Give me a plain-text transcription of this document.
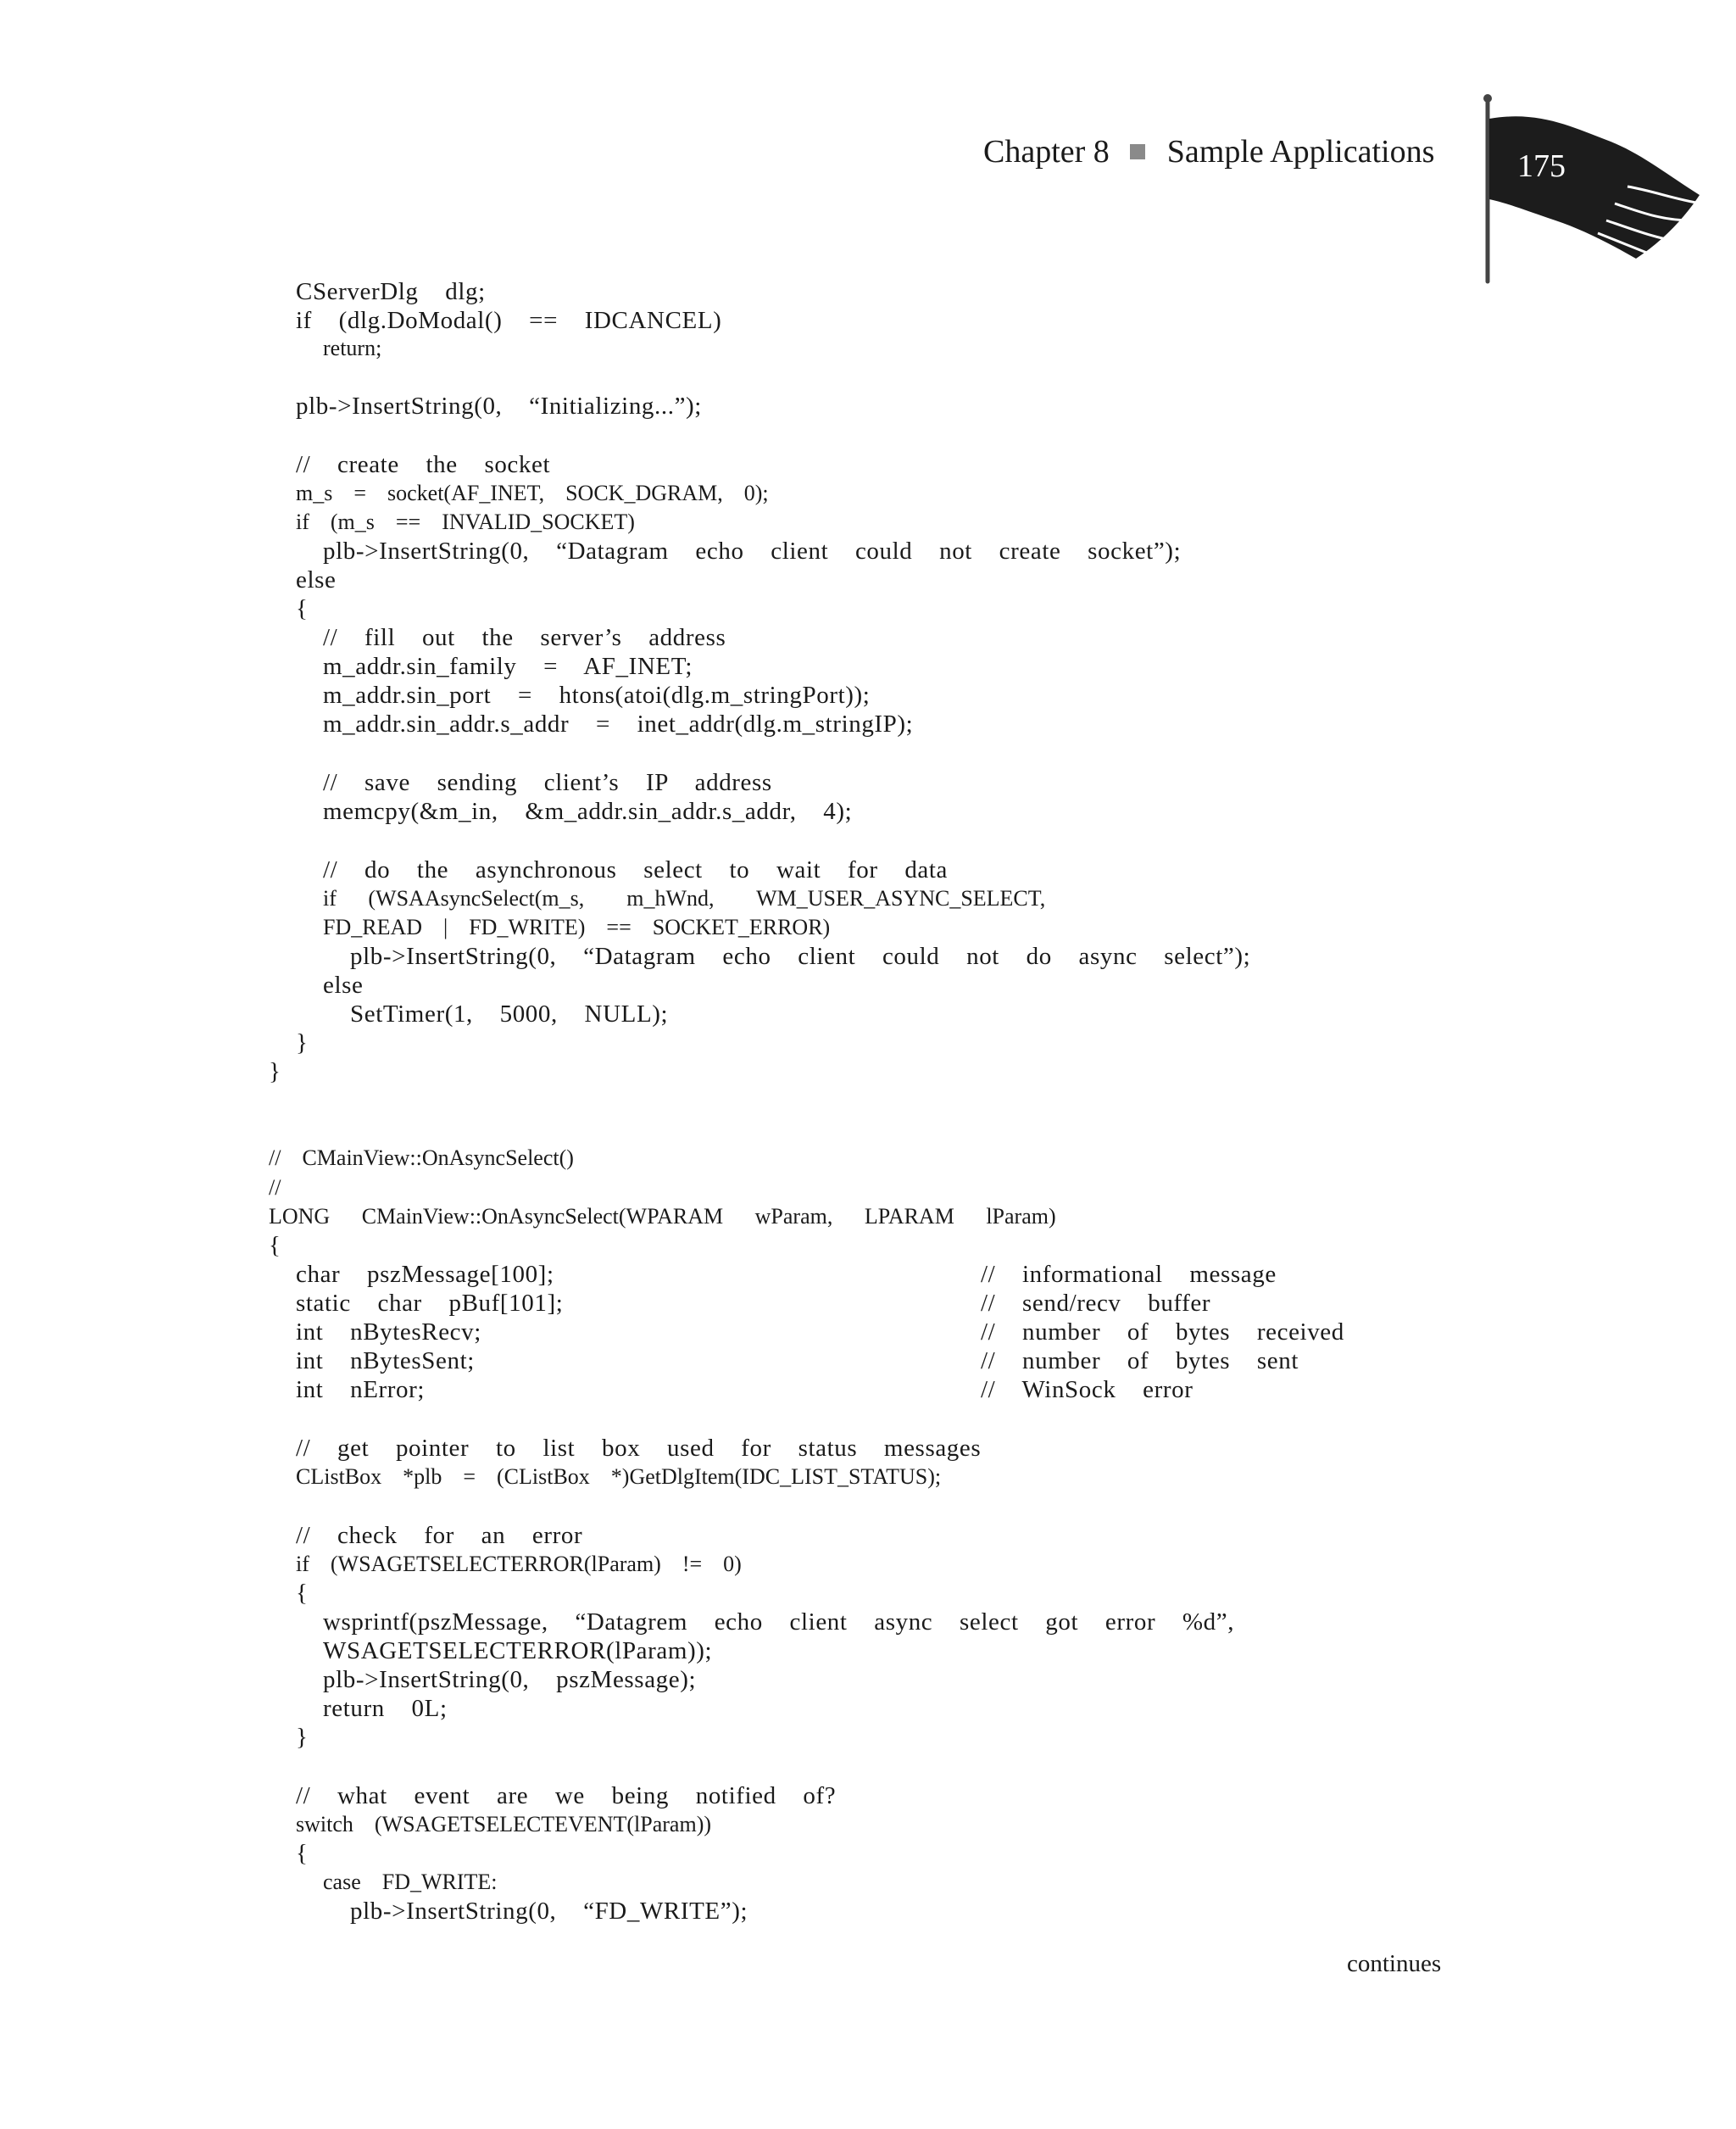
Chapter 8 Sample Applications	175
CServerDlg  dlg;
if  (dlg.DoModal()  ==  IDCANCEL)
return;
plb->InsertString(0,  “Initializing...”);
//  create  the  socket
m_s  =  socket(AF_INET,  SOCK_DGRAM,  0);
if  (m_s  ==  INVALID_SOCKET)
plb->InsertString(0,  “Datagram  echo  client  could  not  create  socket”);
else
{
//  fill  out  the  server’s  address
m_addr.sin_family  =  AF_INET;
m_addr.sin_port  =  htons(atoi(dlg.m_stringPort));
m_addr.sin_addr.s_addr  =  inet_addr(dlg.m_stringIP);
//  save  sending  client’s  IP  address
memcpy(&m_in,  &m_addr.sin_addr.s_addr,  4);
//  do  the  asynchronous  select  to  wait  for  data
if   (WSAAsyncSelect(m_s,    m_hWnd,    WM_USER_ASYNC_SELECT,
FD_READ  |  FD_WRITE)  ==  SOCKET_ERROR)
plb->InsertString(0,  “Datagram  echo  client  could  not  do  async  select”);
else
SetTimer(1,  5000,  NULL);
}
}
//  CMainView::OnAsyncSelect()
//
LONG   CMainView::OnAsyncSelect(WPARAM   wParam,   LPARAM   lParam)
{
char  pszMessage[100];	//  informational  message
static  char  pBuf[101];	//  send/recv  buffer
int  nBytesRecv;	//  number  of  bytes  received
int  nBytesSent;	//  number  of  bytes  sent
int  nError;	//  WinSock  error
//  get  pointer  to  list  box  used  for  status  messages
CListBox  *plb  =  (CListBox  *)GetDlgItem(IDC_LIST_STATUS);
//  check  for  an  error
if  (WSAGETSELECTERROR(lParam)  !=  0)
{
wsprintf(pszMessage,  “Datagrem  echo  client  async  select  got  error  %d”,
WSAGETSELECTERROR(lParam));
plb->InsertString(0,  pszMessage);
return  0L;
}
//  what  event  are  we  being  notified  of?
switch  (WSAGETSELECTEVENT(lParam))
{
case  FD_WRITE:
plb->InsertString(0,  “FD_WRITE”);
continues
